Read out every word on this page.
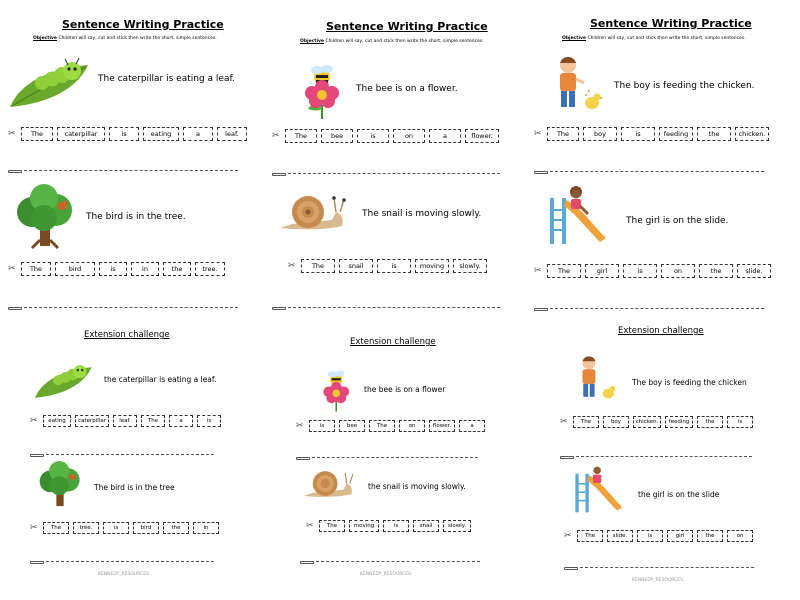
Sentence Writing Practice
Objective Children will say, cut and stick then write the short, simple sentences.
The caterpillar is eating a leaf.
✂	The	caterpillar	is	eating	a	leaf.
The bird is in the tree.
✂	The	bird	is	in	the	tree.
Extension challenge
the caterpillar is eating a leaf.
✂	eating	caterpillar	leaf.	The	a	is
The bird is in the tree
✂	The	tree.	is	bird	the	in
Sentence Writing Practice
Objective Children will say, cut and stick then write the short, simple sentences.
The bee is on a flower.
✂	The	bee	is	on	a	flower.
The snail is moving slowly.
✂	The	snail	is	moving	slowly.
Extension challenge
the bee is on a flower
✂	is	bee	The	on	flower.	a
the snail is moving slowly.
✂	The	moving	is	snail	slowly.
Sentence Writing Practice
Objective Children will say, cut and stick then write the short, simple sentences.
The boy is feeding the chicken.
✂	The	boy	is	feeding	the	chicken.
The girl is on the slide.
✂	The	girl	is	on	the	slide.
Extension challenge
The boy is feeding the chicken
✂	The	boy	chicken.	feeding	the	is
the girl is on the slide
✂	The	slide.	is	girl	the	on
KENNEDY_RESOURCES	KENNEDY_RESOURCES
KENNEDY_RESOURCES
